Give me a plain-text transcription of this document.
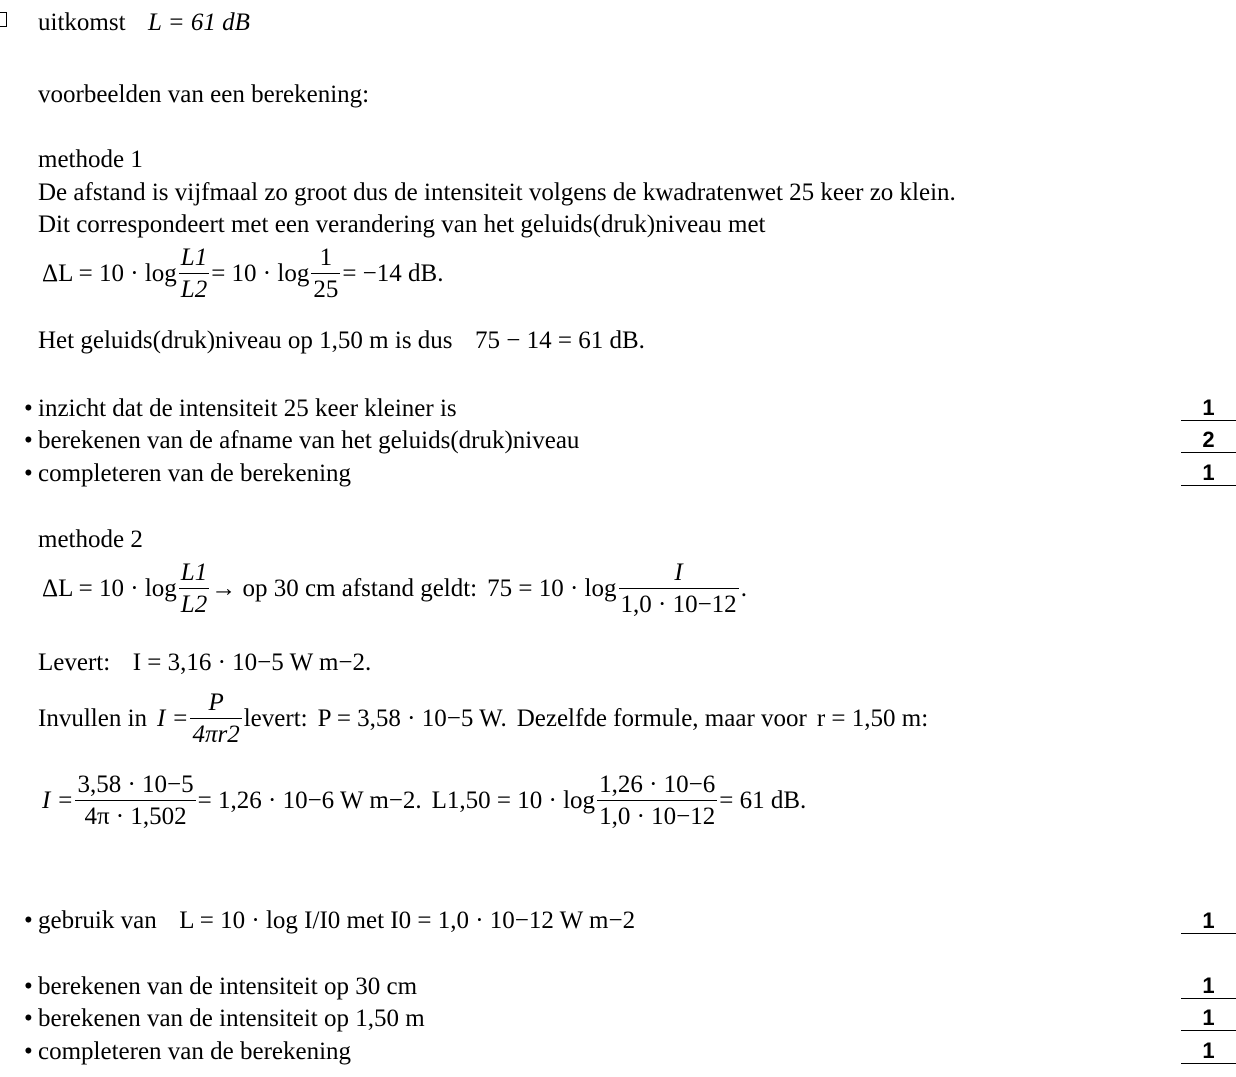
uitkomst L = 61 dB
voorbeelden van een berekening:
methode 1
De afstand is vijfmaal zo groot dus de intensiteit volgens de kwadratenwet 25 keer zo klein.
Dit correspondeert met een verandering van het geluids(druk)niveau met
$\Delta L = 10 \cdot \log \frac{L1}{L2} = 10 \cdot \log \frac{1}{25} = -14$ dB.
Het geluids(druk)niveau op 1,50 m is dus 75 − 14 = 61 dB.
• inzicht dat de intensiteit 25 keer kleiner is	1
• berekenen van de afname van het geluids(druk)niveau	2
• completeren van de berekening	1
methode 2
$\Delta L = 10 \cdot \log \frac{L1}{L2}$ → op 30 cm afstand geldt: $75 = 10 \cdot \log \frac{I}{1,0 \cdot 10-12}$ .
Levert: I = 3,16 · 10−5 W m−2.
Invullen in $I = \frac{P}{4\pi r2}$ levert: P = 3,58 · 10−5 W. Dezelfde formule, maar voor r = 1,50 m:
$I = \frac{3,58 \cdot 10-5}{4\pi \cdot 1,502} = 1,26 \cdot 10-6$ W m−2. $L1,50 = 10 \cdot \log \frac{1,26 \cdot 10-6}{1,0 \cdot 10-12} = 61$ dB.
• gebruik van L = 10 · log I/I0 met I0 = 1,0 · 10−12 W m−2	1
• berekenen van de intensiteit op 30 cm	1
• berekenen van de intensiteit op 1,50 m	1
• completeren van de berekening	1
